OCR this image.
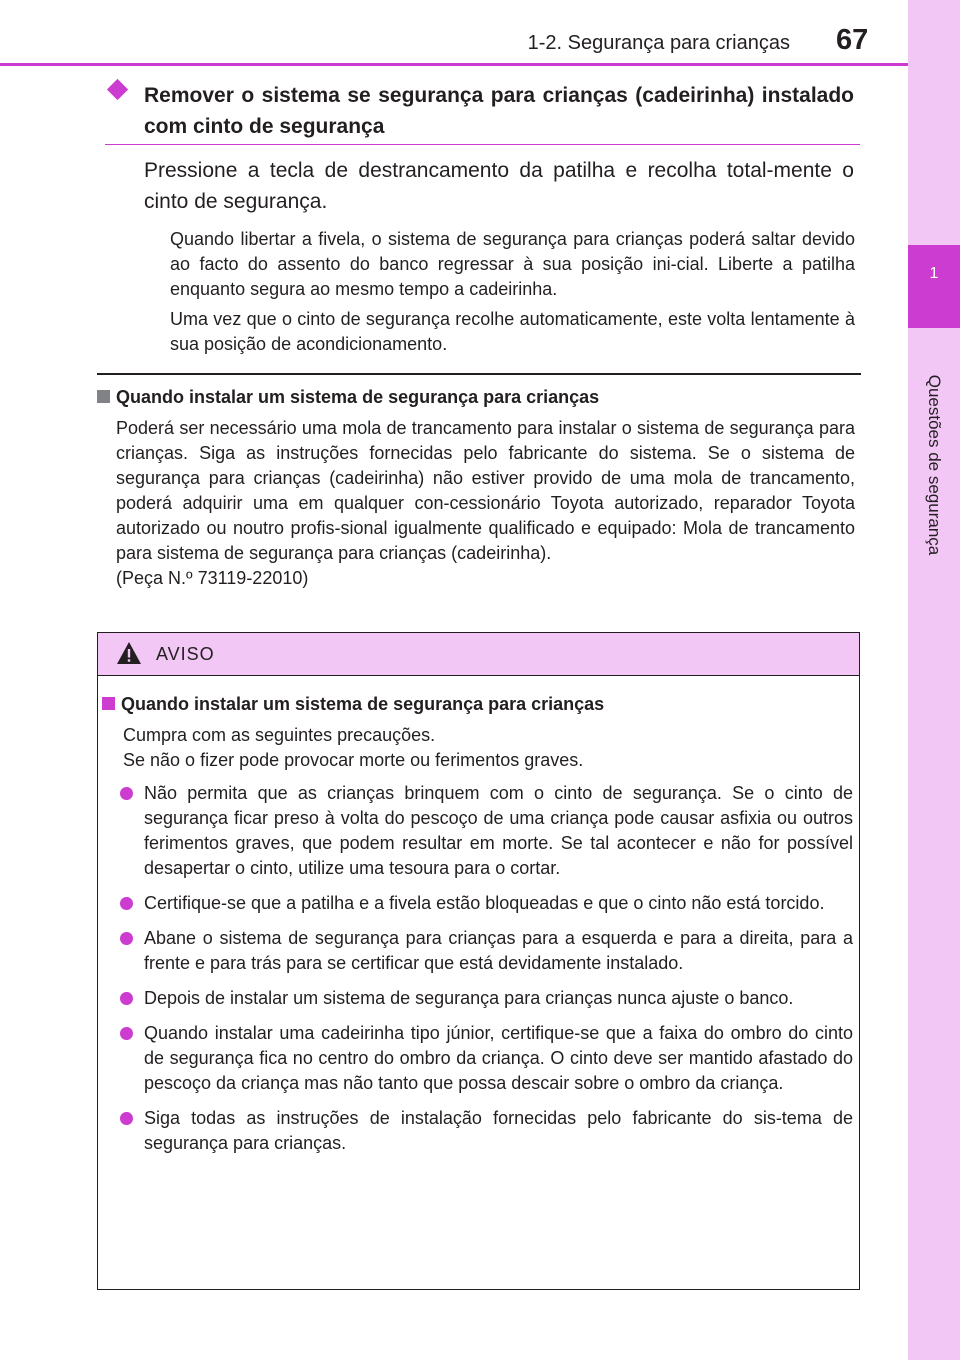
1
Questões de segurança
1-2. Segurança para crianças 67
Remover o sistema se segurança para crianças (cadeirinha) instalado com cinto de segurança
Pressione a tecla de destrancamento da patilha e recolha total-mente o cinto de segurança.
Quando libertar a fivela, o sistema de segurança para crianças poderá saltar devido ao facto do assento do banco regressar à sua posição ini-cial. Liberte a patilha enquanto segura ao mesmo tempo a cadeirinha.
Uma vez que o cinto de segurança recolhe automaticamente, este volta lentamente à sua posição de acondicionamento.
Quando instalar um sistema de segurança para crianças
Poderá ser necessário uma mola de trancamento para instalar o sistema de segurança para crianças. Siga as instruções fornecidas pelo fabricante do sistema. Se o sistema de segurança para crianças (cadeirinha) não estiver provido de uma mola de trancamento, poderá adquirir uma em qualquer con-cessionário Toyota autorizado, reparador Toyota autorizado ou noutro profis-sional igualmente qualificado e equipado: Mola de trancamento para sistema de segurança para crianças (cadeirinha).
(Peça N.º 73119-22010)
AVISO
Quando instalar um sistema de segurança para crianças
Cumpra com as seguintes precauções.
Se não o fizer pode provocar morte ou ferimentos graves.
Não permita que as crianças brinquem com o cinto de segurança. Se o cinto de segurança ficar preso à volta do pescoço de uma criança pode causar asfixia ou outros ferimentos graves, que podem resultar em morte. Se tal acontecer e não for possível desapertar o cinto, utilize uma tesoura para o cortar.
Certifique-se que a patilha e a fivela estão bloqueadas e que o cinto não está torcido.
Abane o sistema de segurança para crianças para a esquerda e para a direita, para a frente e para trás para se certificar que está devidamente instalado.
Depois de instalar um sistema de segurança para crianças nunca ajuste o banco.
Quando instalar uma cadeirinha tipo júnior, certifique-se que a faixa do ombro do cinto de segurança fica no centro do ombro da criança. O cinto deve ser mantido afastado do pescoço da criança mas não tanto que possa descair sobre o ombro da criança.
Siga todas as instruções de instalação fornecidas pelo fabricante do sis-tema de segurança para crianças.
